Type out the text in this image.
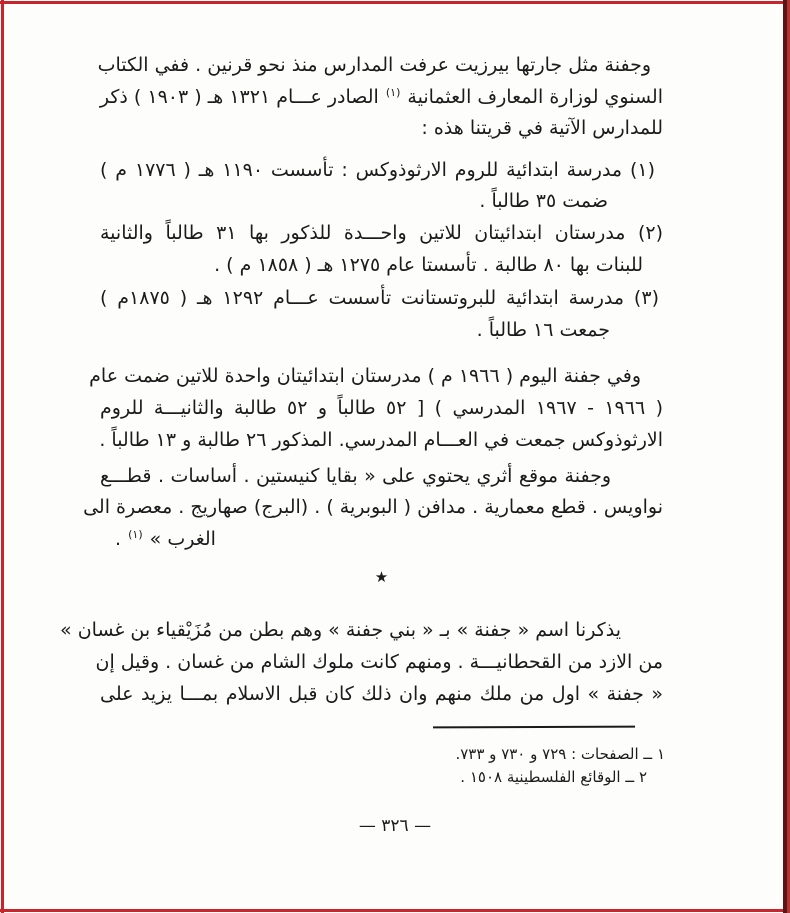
وجفنة مثل جارتها بيرزيت عرفت المدارس منذ نحو قرنين . ففي الكتاب
السنوي لوزارة المعارف العثمانية $^{(١)}$ الصادر عـــام ١٣٢١ هـ ( ١٩٠٣ ) ذكر
للمدارس الآتية في قريتنا هذه :
(١) مدرسة ابتدائية للروم الارثوذوكس : تأسست ١١٩٠ هـ ( ١٧٧٦ م )
ضمت ٣٥ طالباً .
(٢) مدرستان ابتدائيتان للاتين واحـــدة للذكور بها ٣١ طالباً والثانية
للبنات بها ٨٠ طالبة . تأسستا عام ١٢٧٥ هـ ( ١٨٥٨ م ) .
(٣) مدرسة ابتدائية للبروتستانت تأسست عـــام ١٢٩٢ هـ ( ١٨٧٥م )
جمعت ١٦ طالباً .
وفي جفنة اليوم ( ١٩٦٦ م ) مدرستان ابتدائيتان واحدة للاتين ضمت عام
( ١٩٦٦ - ١٩٦٧ المدرسي ) [ ٥٢ طالباً و ٥٢ طالبة والثانيـــة للروم
الارثوذوكس جمعت في العـــام المدرسي. المذكور ٢٦ طالبة و ١٣ طالباً .
وجفنة موقع أثري يحتوي على « بقايا كنيستين . أساسات . قطـــع
نواويس . قطع معمارية . مدافن ( البوبرية ) . (البرج) صهاريج . معصرة الى
الغرب » $^{(١)}$ .
★
يذكرنا اسم « جفنة » بـ « بني جفنة » وهم بطن من مُزَيْقياء بن غسان »
من الازد من القحطانيـــة . ومنهم كانت ملوك الشام من غسان . وقيل إن
« جفنة » اول من ملك منهم وان ذلك كان قبل الاسلام بمـــا يزيد على
١ ــ الصفحات : ٧٢٩ و ٧٣٠ و ٧٣٣.
٢ ــ الوقائع الفلسطينية ١٥٠٨ .
— ٣٢٦ —
